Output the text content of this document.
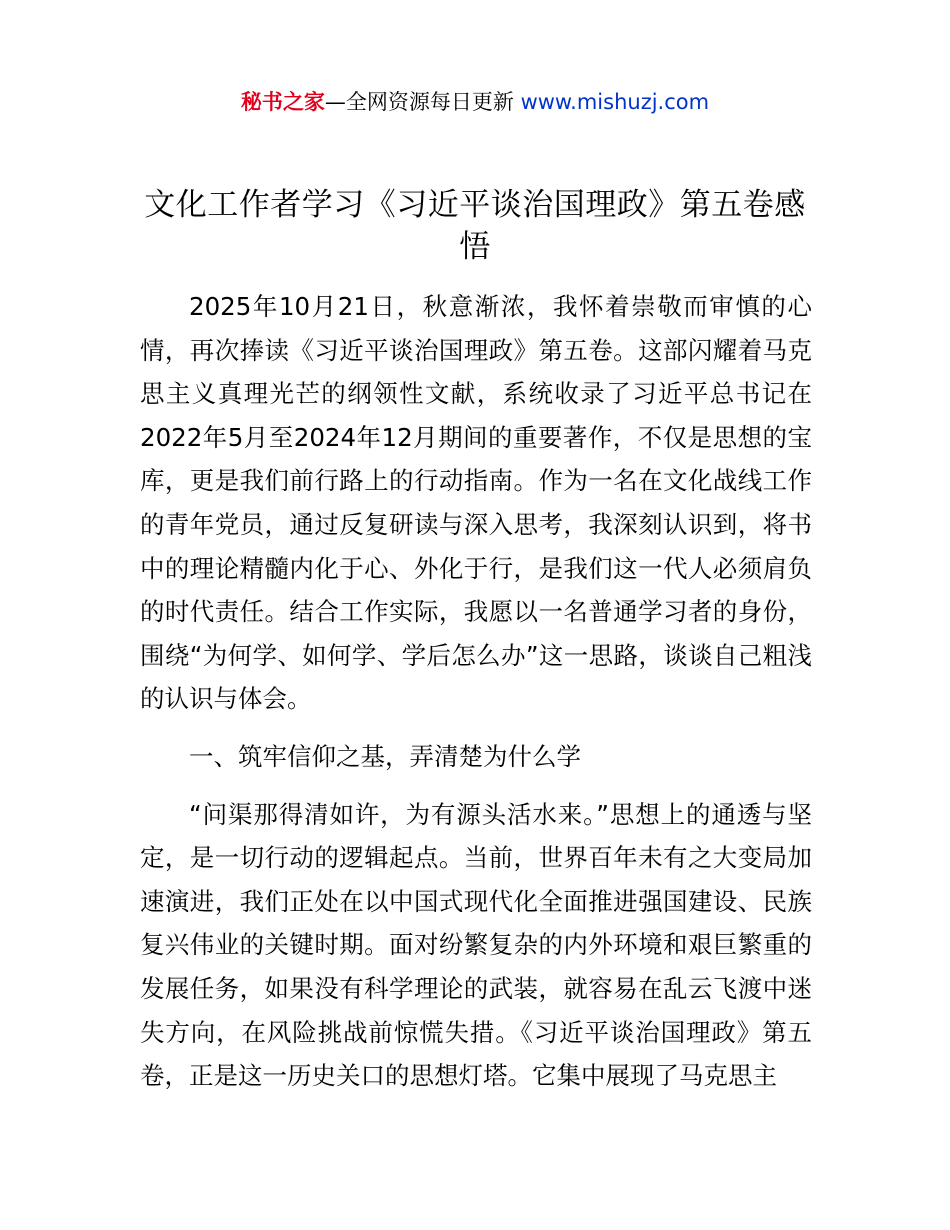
秘书之家—全网资源每日更新 www.mishuzj.com
文化工作者学习《习近平谈治国理政》第五卷感悟

2025年10月21日，秋意渐浓，我怀着崇敬而审慎的心情，再次捧读《习近平谈治国理政》第五卷。这部闪耀着马克思主义真理光芒的纲领性文献，系统收录了习近平总书记在2022年5月至2024年12月期间的重要著作，不仅是思想的宝库，更是我们前行路上的行动指南。作为一名在文化战线工作的青年党员，通过反复研读与深入思考，我深刻认识到，将书中的理论精髓内化于心、外化于行，是我们这一代人必须肩负的时代责任。结合工作实际，我愿以一名普通学习者的身份，围绕“为何学、如何学、学后怎么办”这一思路，谈谈自己粗浅的认识与体会。

一、筑牢信仰之基，弄清楚为什么学

“问渠那得清如许，为有源头活水来。”思想上的通透与坚定，是一切行动的逻辑起点。当前，世界百年未有之大变局加速演进，我们正处在以中国式现代化全面推进强国建设、民族复兴伟业的关键时期。面对纷繁复杂的内外环境和艰巨繁重的发展任务，如果没有科学理论的武装，就容易在乱云飞渡中迷失方向，在风险挑战前惊慌失措。《习近平谈治国理政》第五卷，正是这一历史关口的思想灯塔。它集中展现了马克思主
